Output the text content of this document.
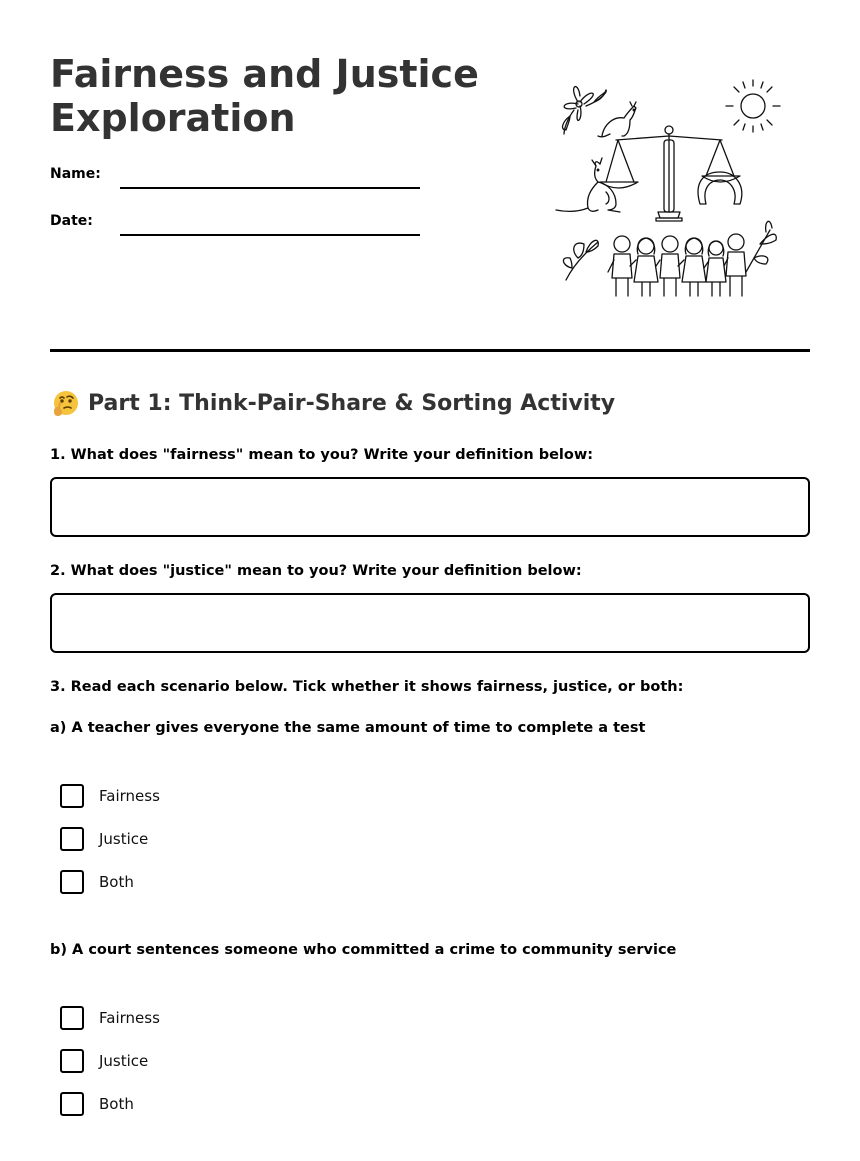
Fairness and Justice
Exploration
Name:
Date:
Part 1: Think-Pair-Share & Sorting Activity
1. What does "fairness" mean to you? Write your definition below:
2. What does "justice" mean to you? Write your definition below:
3. Read each scenario below. Tick whether it shows fairness, justice, or both:
a) A teacher gives everyone the same amount of time to complete a test
Fairness
Justice
Both
b) A court sentences someone who committed a crime to community service
Fairness
Justice
Both
